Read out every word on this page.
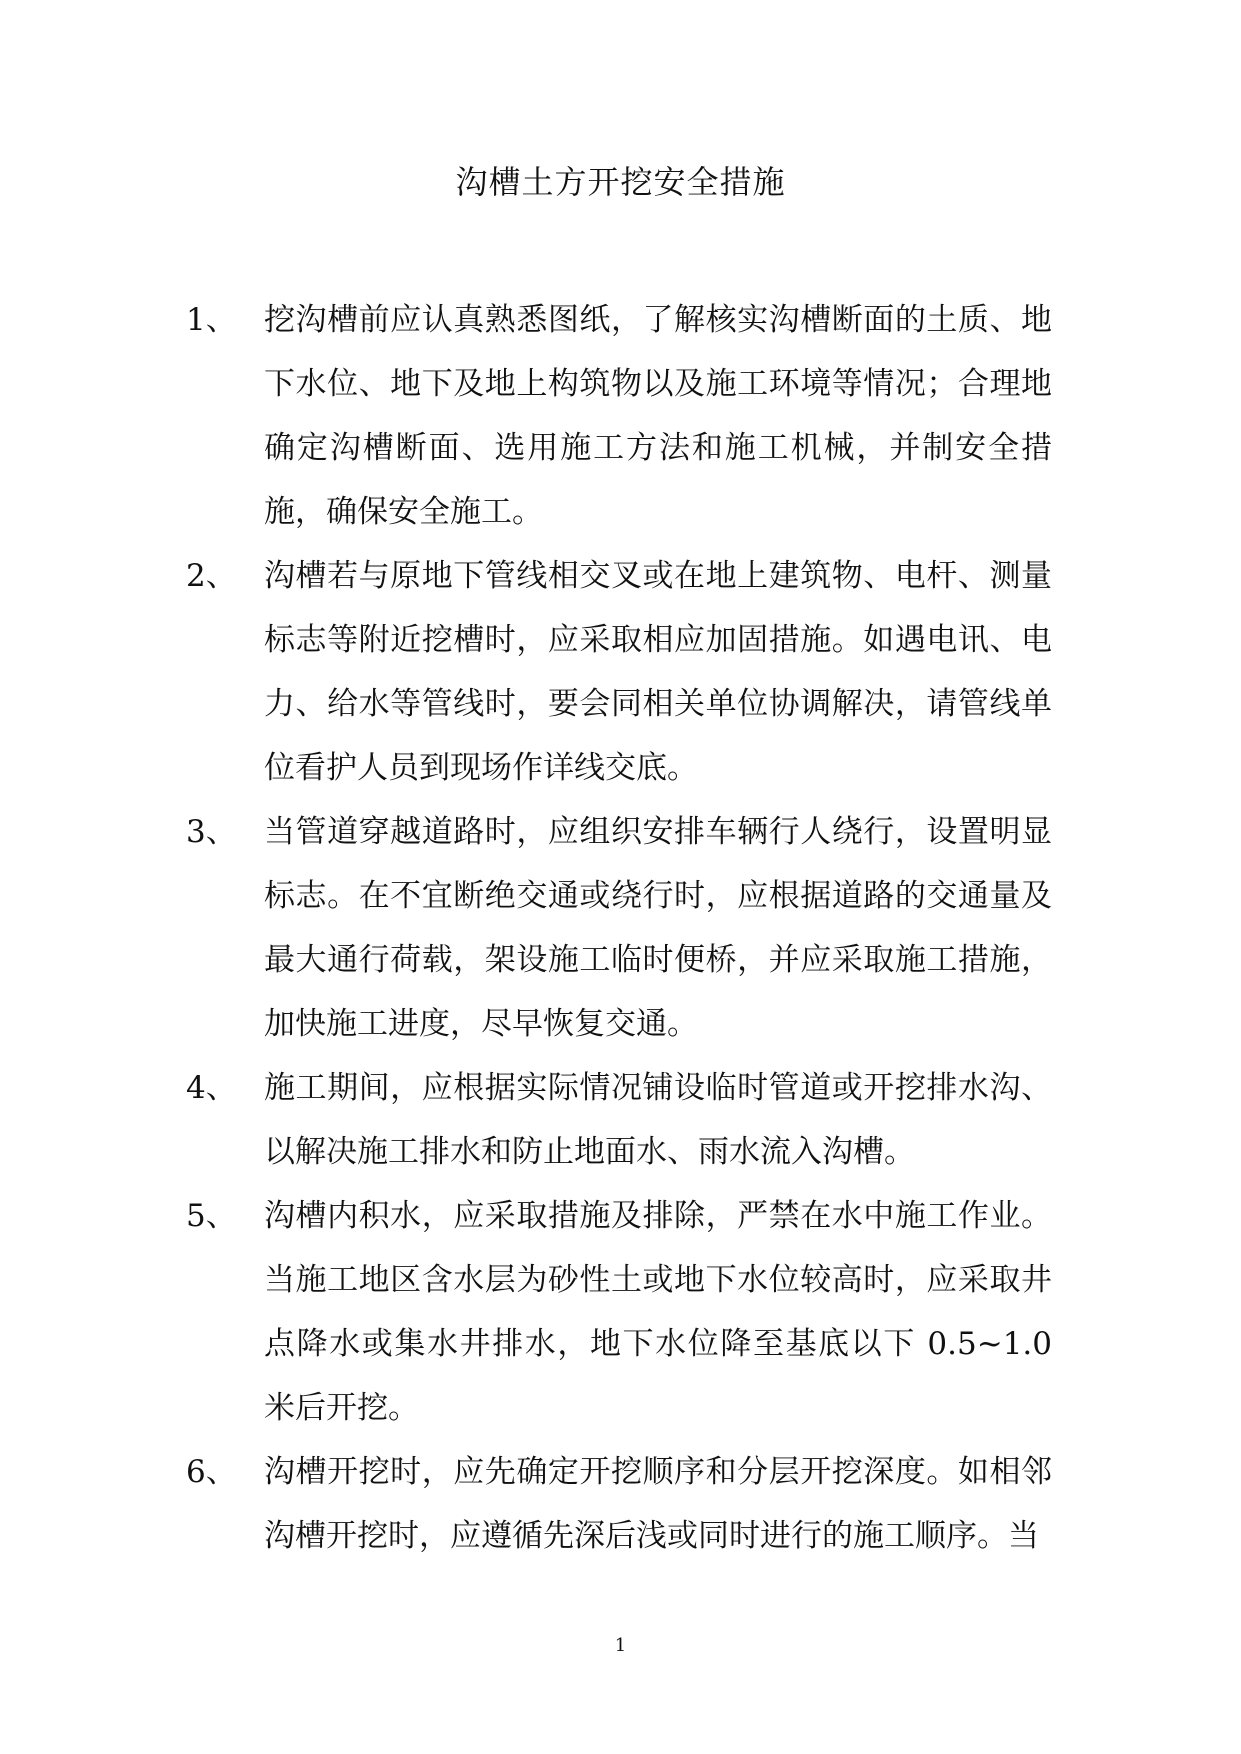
沟槽土方开挖安全措施
1、 挖沟槽前应认真熟悉图纸，了解核实沟槽断面的土质、地下水位、地下及地上构筑物以及施工环境等情况；合理地确定沟槽断面、选用施工方法和施工机械，并制安全措施，确保安全施工。
2、 沟槽若与原地下管线相交叉或在地上建筑物、电杆、测量标志等附近挖槽时，应采取相应加固措施。如遇电讯、电力、给水等管线时，要会同相关单位协调解决，请管线单位看护人员到现场作详线交底。
3、 当管道穿越道路时，应组织安排车辆行人绕行，设置明显标志。在不宜断绝交通或绕行时，应根据道路的交通量及最大通行荷载，架设施工临时便桥，并应采取施工措施，加快施工进度，尽早恢复交通。
4、 施工期间，应根据实际情况铺设临时管道或开挖排水沟、以解决施工排水和防止地面水、雨水流入沟槽。
5、 沟槽内积水，应采取措施及排除，严禁在水中施工作业。当施工地区含水层为砂性土或地下水位较高时，应采取井点降水或集水井排水，地下水位降至基底以下 0.5~1.0 米后开挖。
6、 沟槽开挖时，应先确定开挖顺序和分层开挖深度。如相邻沟槽开挖时，应遵循先深后浅或同时进行的施工顺序。当
1
